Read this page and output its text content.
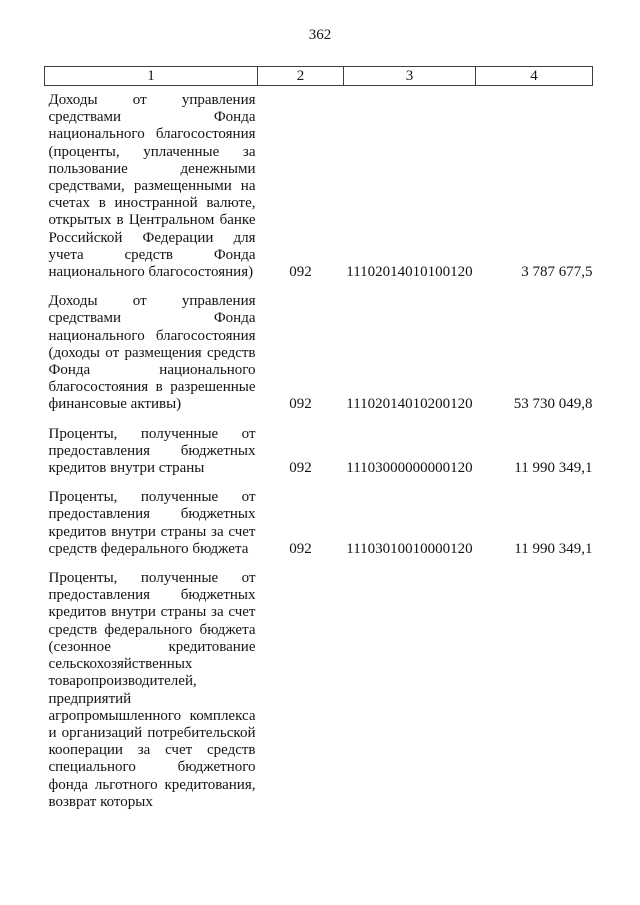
362
1	2	3	4
Доходы от управления средствами Фонда национального благосостояния (проценты, уплаченные за пользование денежными средствами, размещенными на счетах в иностранной валюте, открытых в Центральном банке Российской Федерации для учета средств Фонда национального благосостояния)	092	11102014010100120	3 787 677,5
Доходы от управления средствами Фонда национального благосостояния (доходы от размещения средств Фонда национального благосостояния в разрешенные финансовые активы)	092	11102014010200120	53 730 049,8
Проценты, полученные от предоставления бюджетных кредитов внутри страны	092	11103000000000120	11 990 349,1
Проценты, полученные от предоставления бюджетных кредитов внутри страны за счет средств федерального бюджета	092	11103010010000120	11 990 349,1
Проценты, полученные от предоставления бюджетных кредитов внутри страны за счет средств федерального бюджета (сезонное кредитование сельскохозяйственных товаропроизводителей, предприятий агропромышленного комплекса и организаций потребительской кооперации за счет средств специального бюджетного фонда льготного кредитования, возврат которых			
